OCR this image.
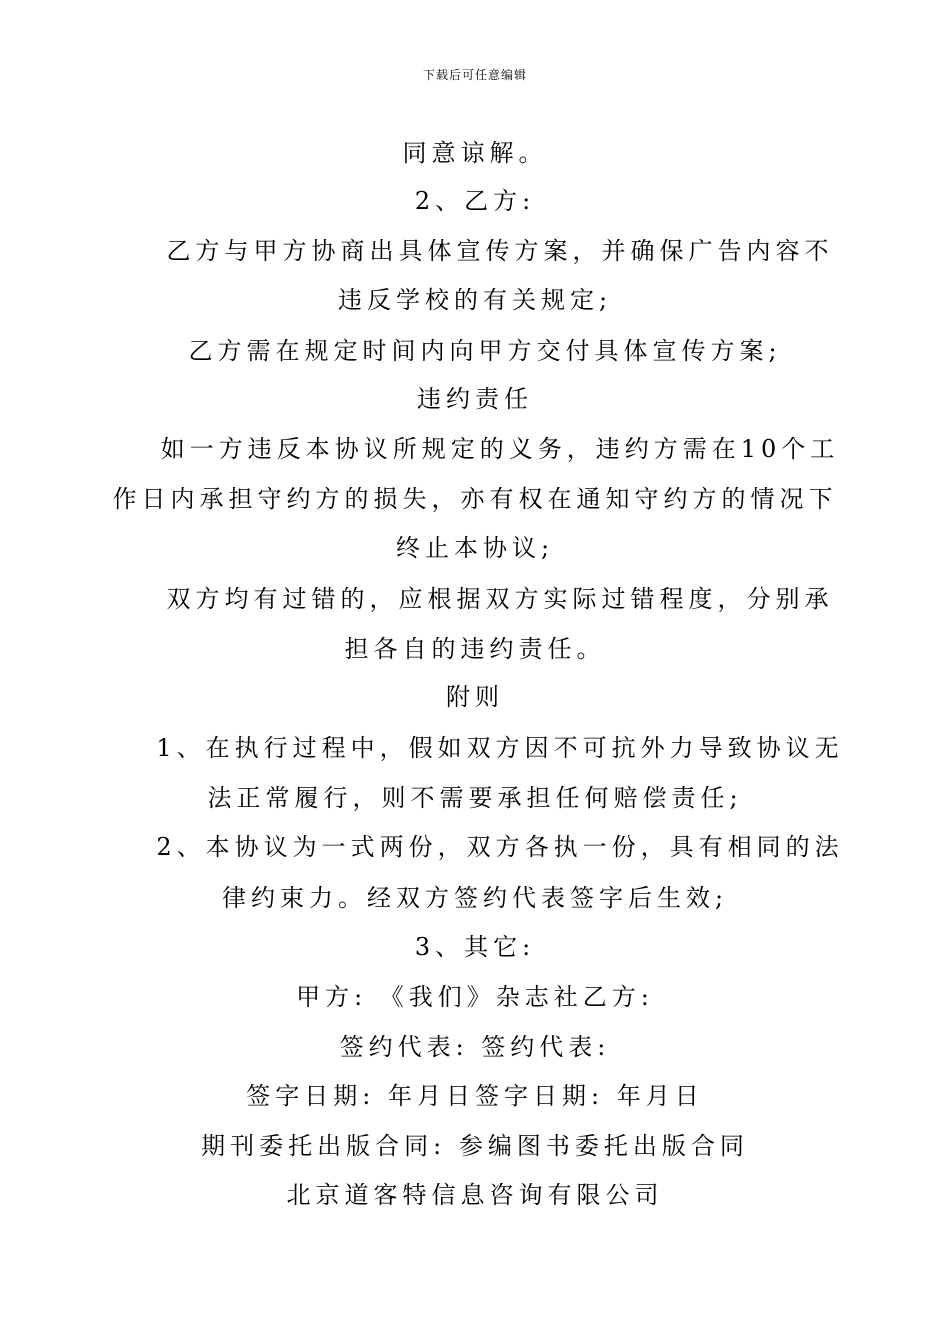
下载后可任意编辑
同意谅解。
2、乙方:
乙方与甲方协商出具体宣传方案，并确保广告内容不
违反学校的有关规定;
乙方需在规定时间内向甲方交付具体宣传方案;
违约责任
如一方违反本协议所规定的义务，违约方需在10个工
作日内承担守约方的损失，亦有权在通知守约方的情况下
终止本协议;
双方均有过错的，应根据双方实际过错程度，分别承
担各自的违约责任。
附则
1、在执行过程中，假如双方因不可抗外力导致协议无
法正常履行，则不需要承担任何赔偿责任;
2、本协议为一式两份，双方各执一份，具有相同的法
律约束力。经双方签约代表签字后生效;
3、其它:
甲方: 《我们》杂志社乙方:
签约代表: 签约代表:
签字日期: 年月日签字日期: 年月日
期刊委托出版合同: 参编图书委托出版合同
北京道客特信息咨询有限公司
